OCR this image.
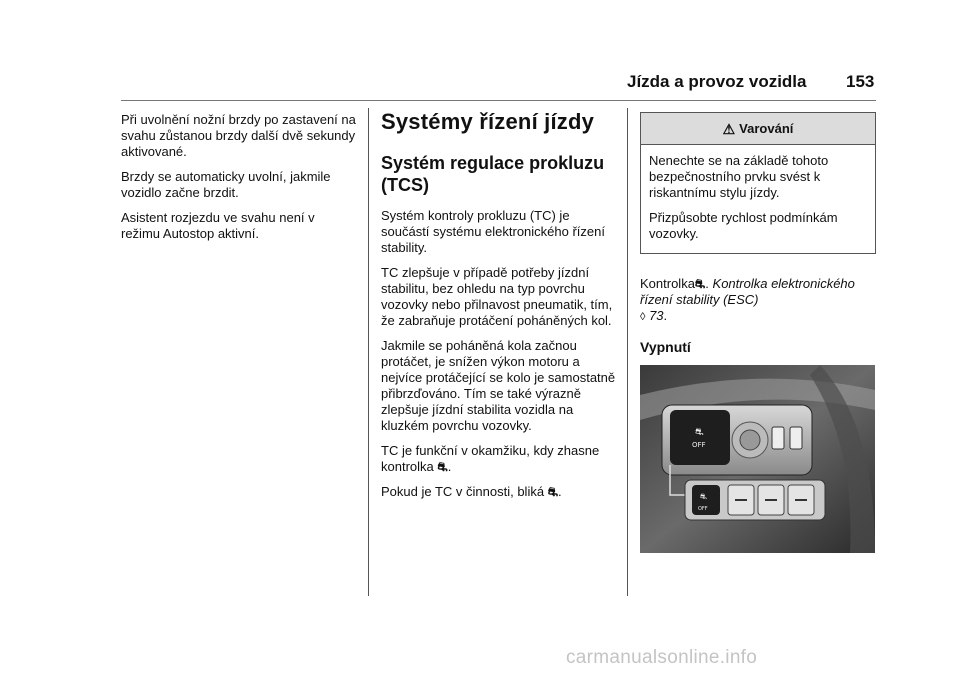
Jízda a provoz vozidla 153

Při uvolnění nožní brzdy po zastavení na svahu zůstanou brzdy další dvě sekundy aktivované.

Brzdy se automaticky uvolní, jakmile vozidlo začne brzdit.

Asistent rozjezdu ve svahu není v režimu Autostop aktivní.

Systémy řízení jízdy
Systém regulace prokluzu (TCS)

Systém kontroly prokluzu (TC) je součástí systému elektronického řízení stability.

TC zlepšuje v případě potřeby jízdní stabilitu, bez ohledu na typ povrchu vozovky nebo přilnavost pneumatik, tím, že zabraňuje protáčení poháněných kol.

Jakmile se poháněná kola začnou protáčet, je snížen výkon motoru a nejvíce protáčející se kolo je samostatně přibrzďováno. Tím se také výrazně zlepšuje jízdní stabilita vozidla na kluzkém povrchu vozovky.

TC je funkční v okamžiku, kdy zhasne kontrolka ⛐.

Pokud je TC v činnosti, bliká ⛐.

⚠ Varování

Nenechte se na základě tohoto bezpečnostního prvku svést k riskantnímu stylu jízdy.

Přizpůsobte rychlost podmínkám vozovky.

Kontrolka⛐. Kontrolka elektronického řízení stability (ESC)
◊ 73.

Vypnutí
⛐
OFF
⛐
OFF
carmanualsonline.info
